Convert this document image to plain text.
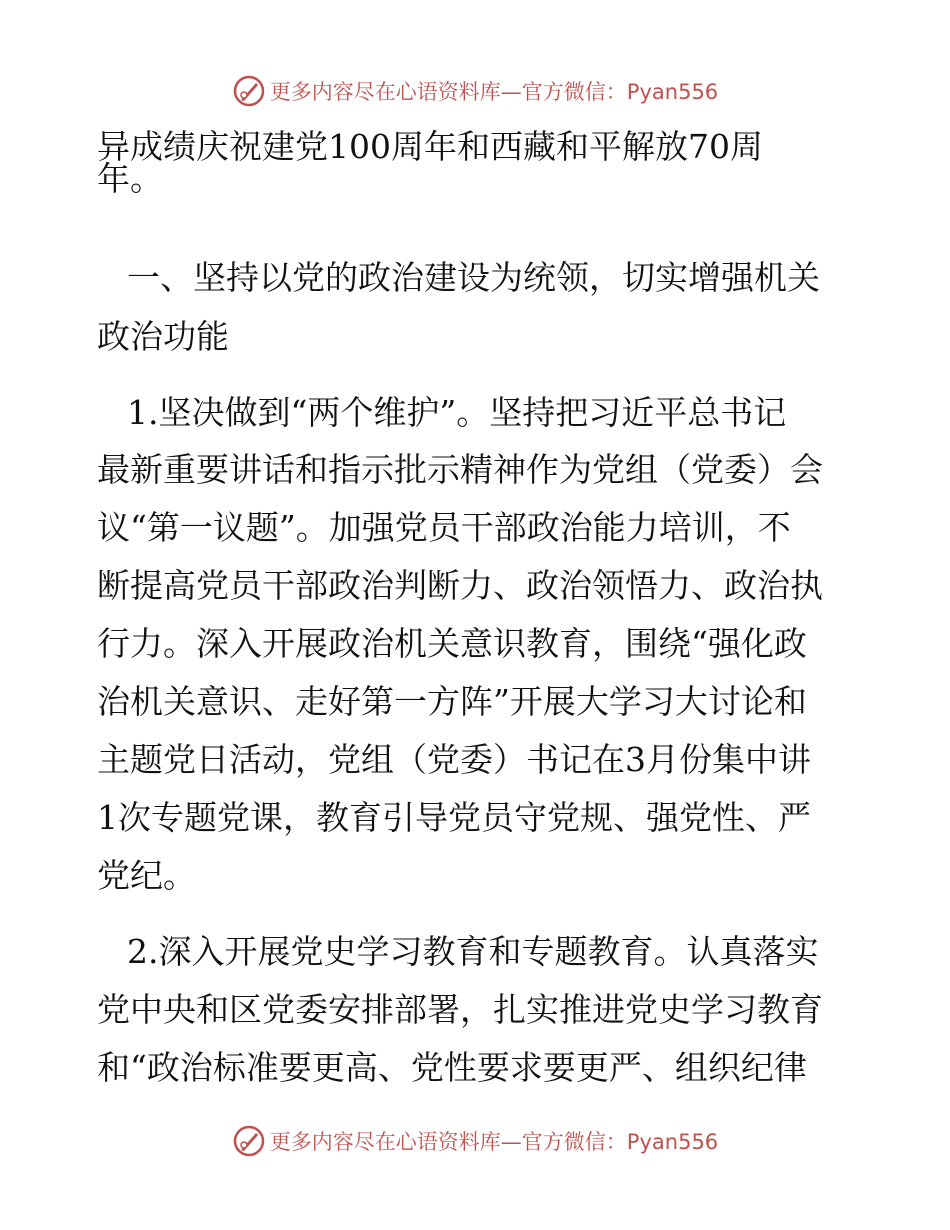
更多内容尽在心语资料库—官方微信：Pyan556
异成绩庆祝建党100周年和西藏和平解放70周
年。
一、坚持以党的政治建设为统领，切实增强机关
政治功能
1.坚决做到“两个维护”。坚持把习近平总书记
最新重要讲话和指示批示精神作为党组（党委）会
议“第一议题”。加强党员干部政治能力培训，不
断提高党员干部政治判断力、政治领悟力、政治执
行力。深入开展政治机关意识教育，围绕“强化政
治机关意识、走好第一方阵”开展大学习大讨论和
主题党日活动，党组（党委）书记在3月份集中讲
1次专题党课，教育引导党员守党规、强党性、严
党纪。
2.深入开展党史学习教育和专题教育。认真落实
党中央和区党委安排部署，扎实推进党史学习教育
和“政治标准要更高、党性要求要更严、组织纪律
更多内容尽在心语资料库—官方微信：Pyan556
